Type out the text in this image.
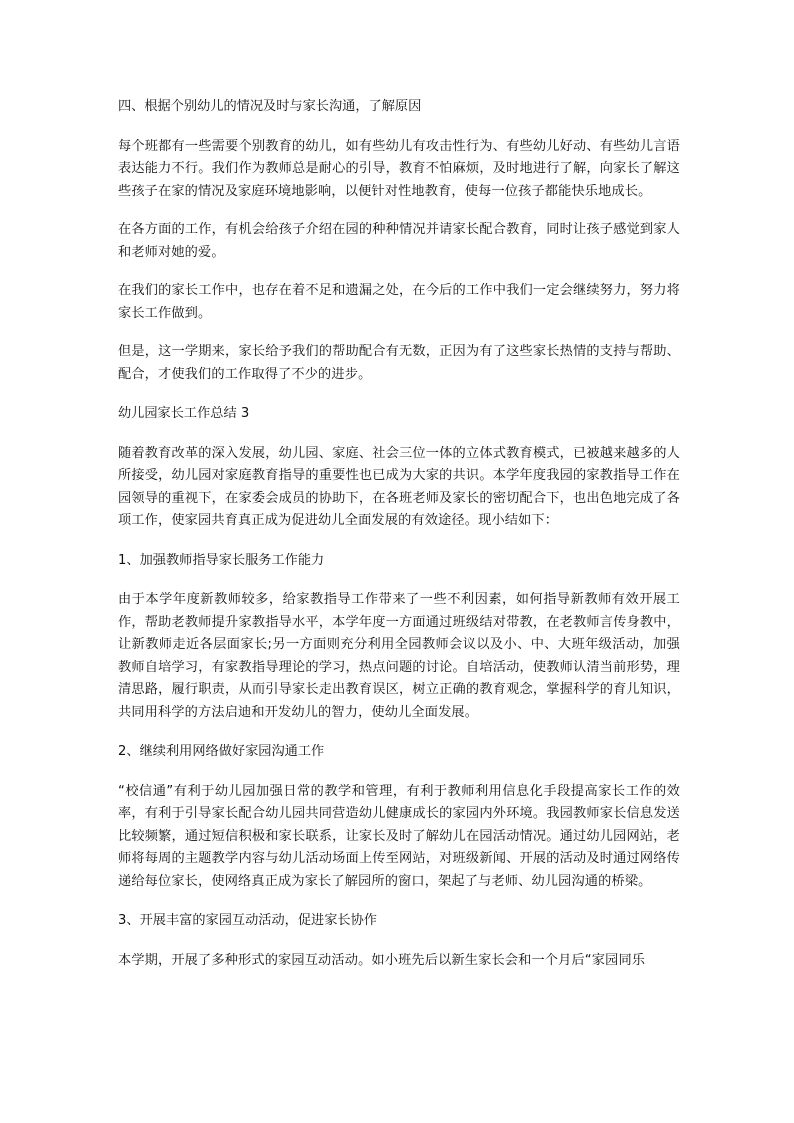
四、根据个别幼儿的情况及时与家长沟通，了解原因

每个班都有一些需要个别教育的幼儿，如有些幼儿有攻击性行为、有些幼儿好动、有些幼儿言语表达能力不行。我们作为教师总是耐心的引导，教育不怕麻烦，及时地进行了解，向家长了解这些孩子在家的情况及家庭环境地影响，以便针对性地教育，使每一位孩子都能快乐地成长。

在各方面的工作，有机会给孩子介绍在园的种种情况并请家长配合教育，同时让孩子感觉到家人和老师对她的爱。

在我们的家长工作中，也存在着不足和遗漏之处，在今后的工作中我们一定会继续努力，努力将家长工作做到。

但是，这一学期来，家长给予我们的帮助配合有无数，正因为有了这些家长热情的支持与帮助、配合，才使我们的工作取得了不少的进步。

幼儿园家长工作总结 3

随着教育改革的深入发展，幼儿园、家庭、社会三位一体的立体式教育模式，已被越来越多的人所接受，幼儿园对家庭教育指导的重要性也已成为大家的共识。本学年度我园的家教指导工作在园领导的重视下，在家委会成员的协助下，在各班老师及家长的密切配合下，也出色地完成了各项工作，使家园共育真正成为促进幼儿全面发展的有效途径。现小结如下：

1、加强教师指导家长服务工作能力

由于本学年度新教师较多，给家教指导工作带来了一些不利因素，如何指导新教师有效开展工作，帮助老教师提升家教指导水平，本学年度一方面通过班级结对带教，在老教师言传身教中，让新教师走近各层面家长;另一方面则充分利用全园教师会议以及小、中、大班年级活动，加强教师自培学习，有家教指导理论的学习，热点问题的讨论。自培活动，使教师认清当前形势，理清思路，履行职责，从而引导家长走出教育误区，树立正确的教育观念，掌握科学的育儿知识，共同用科学的方法启迪和开发幼儿的智力，使幼儿全面发展。

2、继续利用网络做好家园沟通工作

“校信通”有利于幼儿园加强日常的教学和管理，有利于教师利用信息化手段提高家长工作的效率，有利于引导家长配合幼儿园共同营造幼儿健康成长的家园内外环境。我园教师家长信息发送比较频繁，通过短信积极和家长联系，让家长及时了解幼儿在园活动情况。通过幼儿园网站，老师将每周的主题教学内容与幼儿活动场面上传至网站，对班级新闻、开展的活动及时通过网络传递给每位家长，使网络真正成为家长了解园所的窗口，架起了与老师、幼儿园沟通的桥梁。

3、开展丰富的家园互动活动，促进家长协作

本学期，开展了多种形式的家园互动活动。如小班先后以新生家长会和一个月后“家园同乐
